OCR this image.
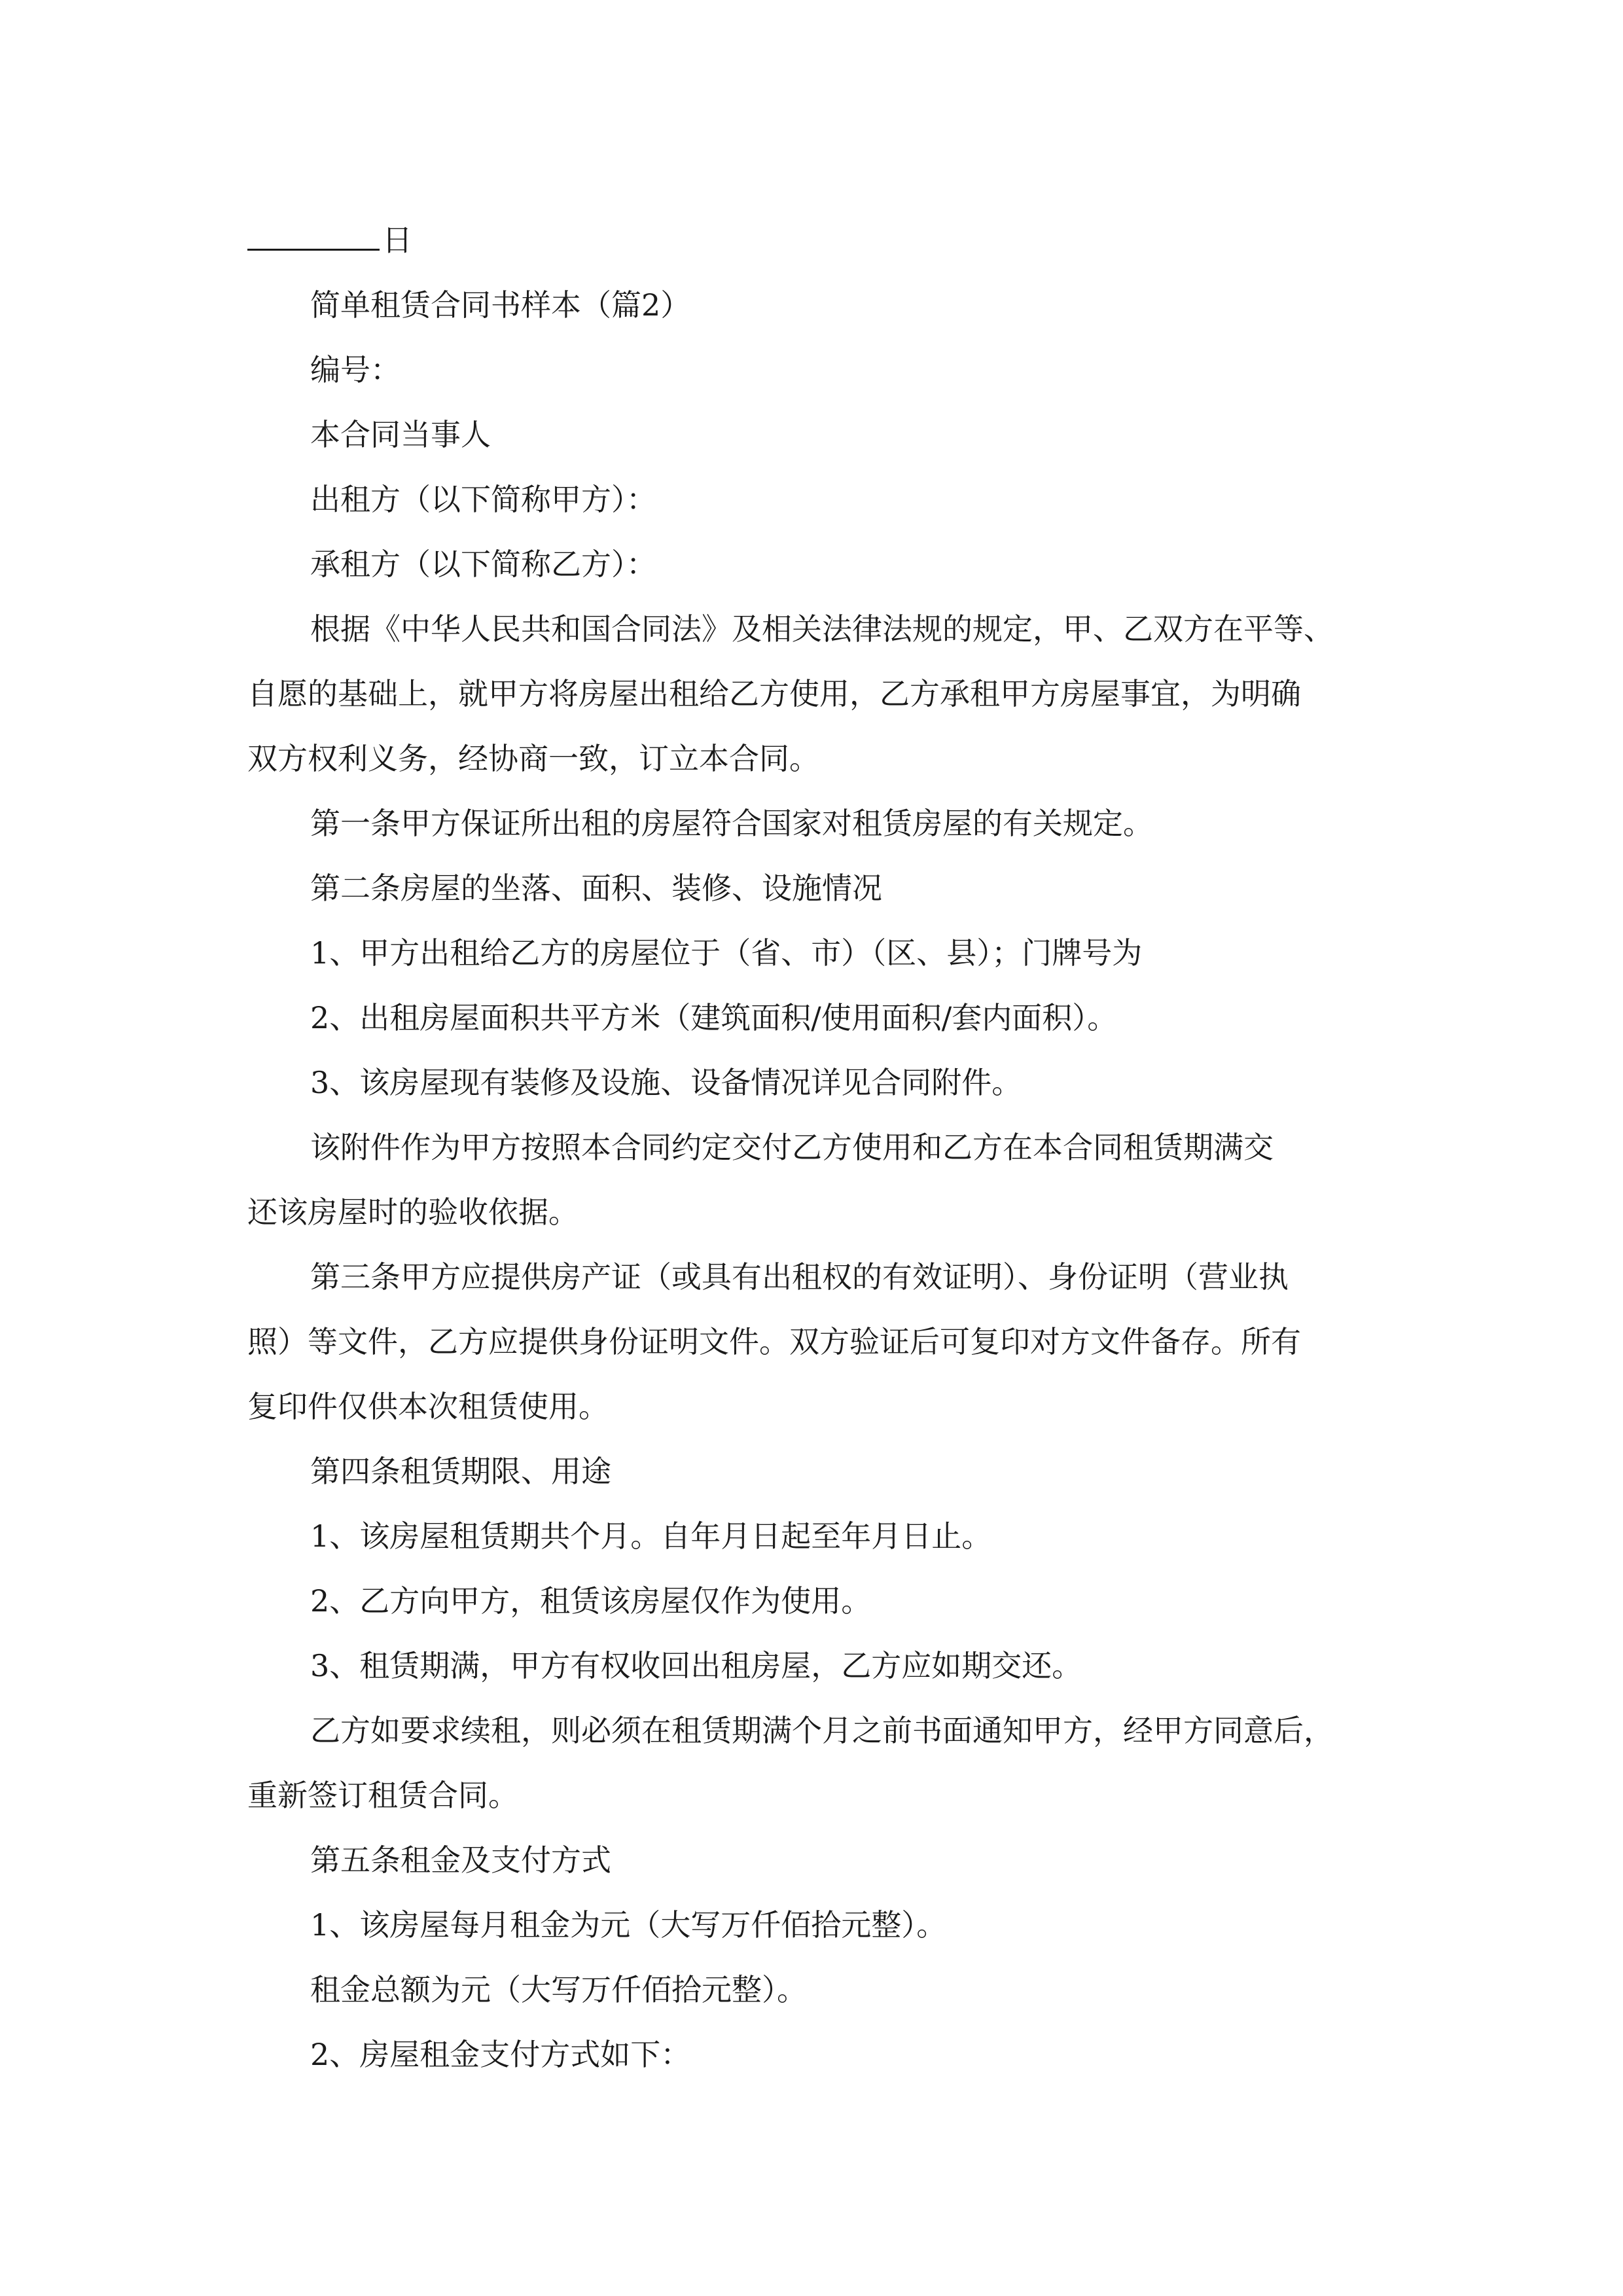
日
简单租赁合同书样本（篇2）
编号：
本合同当事人
出租方（以下简称甲方）：
承租方（以下简称乙方）：
根据《中华人民共和国合同法》及相关法律法规的规定，甲、乙双方在平等、
自愿的基础上，就甲方将房屋出租给乙方使用，乙方承租甲方房屋事宜，为明确
双方权利义务，经协商一致，订立本合同。
第一条甲方保证所出租的房屋符合国家对租赁房屋的有关规定。
第二条房屋的坐落、面积、装修、设施情况
1、甲方出租给乙方的房屋位于（省、市）（区、县）；门牌号为
2、出租房屋面积共平方米（建筑面积/使用面积/套内面积）。
3、该房屋现有装修及设施、设备情况详见合同附件。
该附件作为甲方按照本合同约定交付乙方使用和乙方在本合同租赁期满交
还该房屋时的验收依据。
第三条甲方应提供房产证（或具有出租权的有效证明）、身份证明（营业执
照）等文件，乙方应提供身份证明文件。双方验证后可复印对方文件备存。所有
复印件仅供本次租赁使用。
第四条租赁期限、用途
1、该房屋租赁期共个月。自年月日起至年月日止。
2、乙方向甲方，租赁该房屋仅作为使用。
3、租赁期满，甲方有权收回出租房屋，乙方应如期交还。
乙方如要求续租，则必须在租赁期满个月之前书面通知甲方，经甲方同意后，
重新签订租赁合同。
第五条租金及支付方式
1、该房屋每月租金为元（大写万仟佰拾元整）。
租金总额为元（大写万仟佰拾元整）。
2、房屋租金支付方式如下：
